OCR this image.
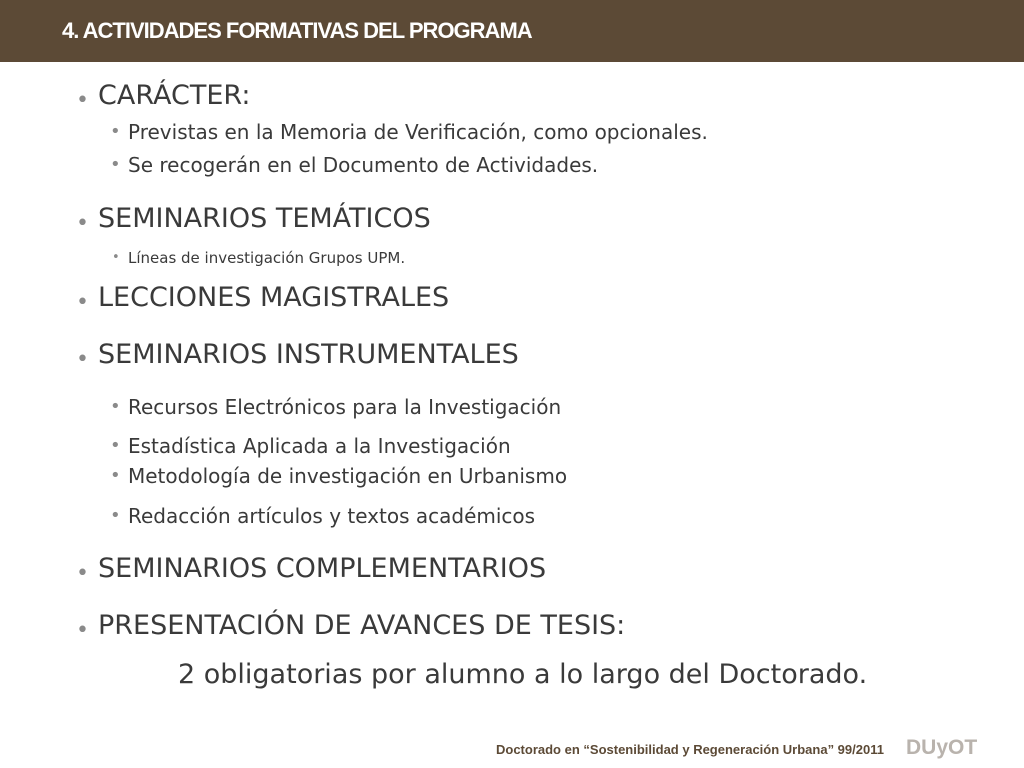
4. ACTIVIDADES FORMATIVAS DEL PROGRAMA
• CARÁCTER:
• Previstas en la Memoria de Verificación, como opcionales.
• Se recogerán en el Documento de Actividades.
• SEMINARIOS TEMÁTICOS
• Líneas de investigación Grupos UPM.
• LECCIONES MAGISTRALES
• SEMINARIOS INSTRUMENTALES
• Recursos Electrónicos para la Investigación
• Estadística Aplicada a la Investigación
• Metodología de investigación en Urbanismo
• Redacción artículos y textos académicos
• SEMINARIOS COMPLEMENTARIOS
• PRESENTACIÓN DE AVANCES DE TESIS:
2 obligatorias por alumno a lo largo del Doctorado.
Doctorado en “Sostenibilidad y Regeneración Urbana” 99/2011 DUyOT
